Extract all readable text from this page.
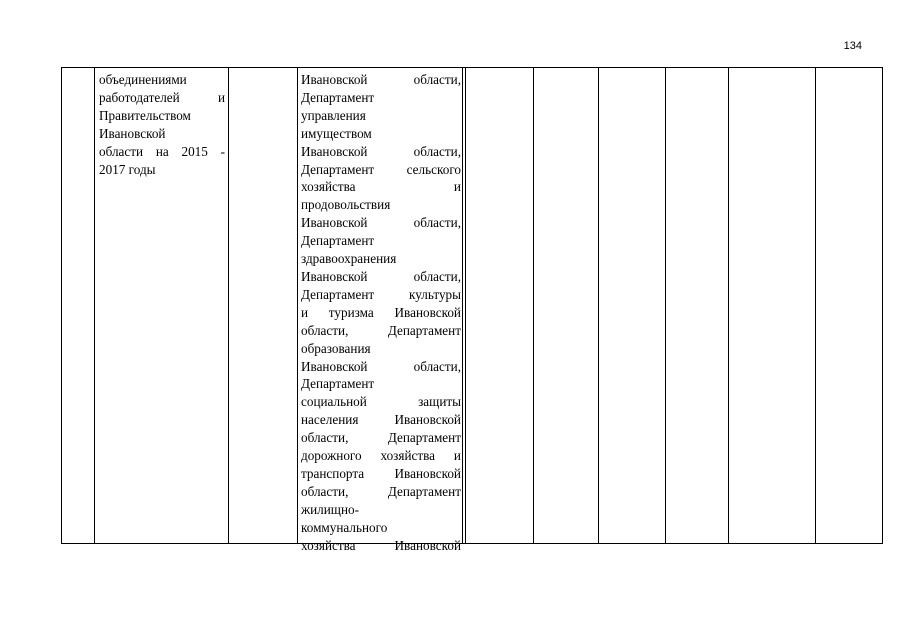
134
объединениями
работодателей и
Правительством
Ивановской
области на 2015 -
2017 годы
Ивановской области,
Департамент
управления
имуществом
Ивановской области,
Департамент сельского
хозяйства и
продовольствия
Ивановской области,
Департамент
здравоохранения
Ивановской области,
Департамент культуры
и туризма Ивановской
области, Департамент
образования
Ивановской области,
Департамент
социальной защиты
населения Ивановской
области, Департамент
дорожного хозяйства и
транспорта Ивановской
области, Департамент
жилищно-
коммунального
хозяйства Ивановской
